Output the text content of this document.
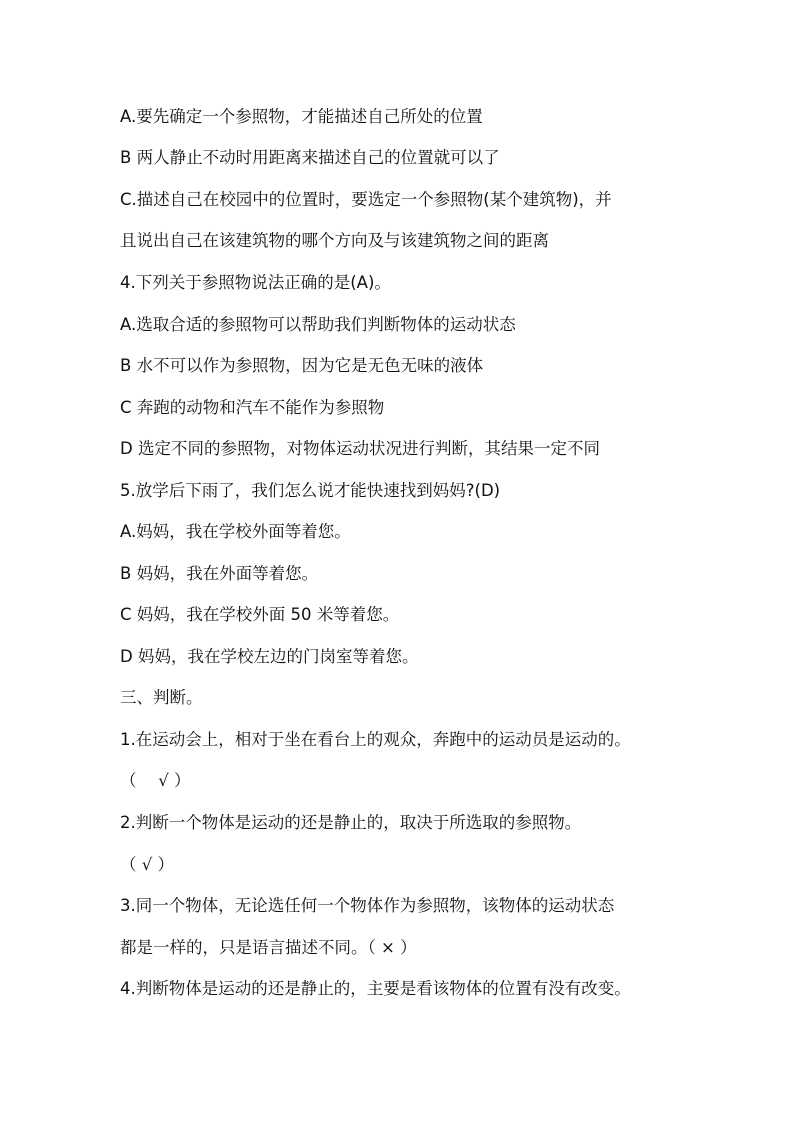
A.要先确定一个参照物，才能描述自己所处的位置
B 两人静止不动时用距离来描述自己的位置就可以了
C.描述自己在校园中的位置时，要选定一个参照物(某个建筑物)，并
且说出自己在该建筑物的哪个方向及与该建筑物之间的距离
4.下列关于参照物说法正确的是(A)。
A.选取合适的参照物可以帮助我们判断物体的运动状态
B 水不可以作为参照物，因为它是无色无味的液体
C 奔跑的动物和汽车不能作为参照物
D 选定不同的参照物，对物体运动状况进行判断，其结果一定不同
5.放学后下雨了，我们怎么说才能快速找到妈妈?(D)
A.妈妈，我在学校外面等着您。
B 妈妈，我在外面等着您。
C 妈妈，我在学校外面 50 米等着您。
D 妈妈，我在学校左边的门岗室等着您。
三、判断。
1.在运动会上，相对于坐在看台上的观众，奔跑中的运动员是运动的。
（　 √ ）
2.判断一个物体是运动的还是静止的，取决于所选取的参照物。
（ √ ）
3.同一个物体，无论选任何一个物体作为参照物，该物体的运动状态
都是一样的，只是语言描述不同。（ × ）
4.判断物体是运动的还是静止的，主要是看该物体的位置有没有改变。
